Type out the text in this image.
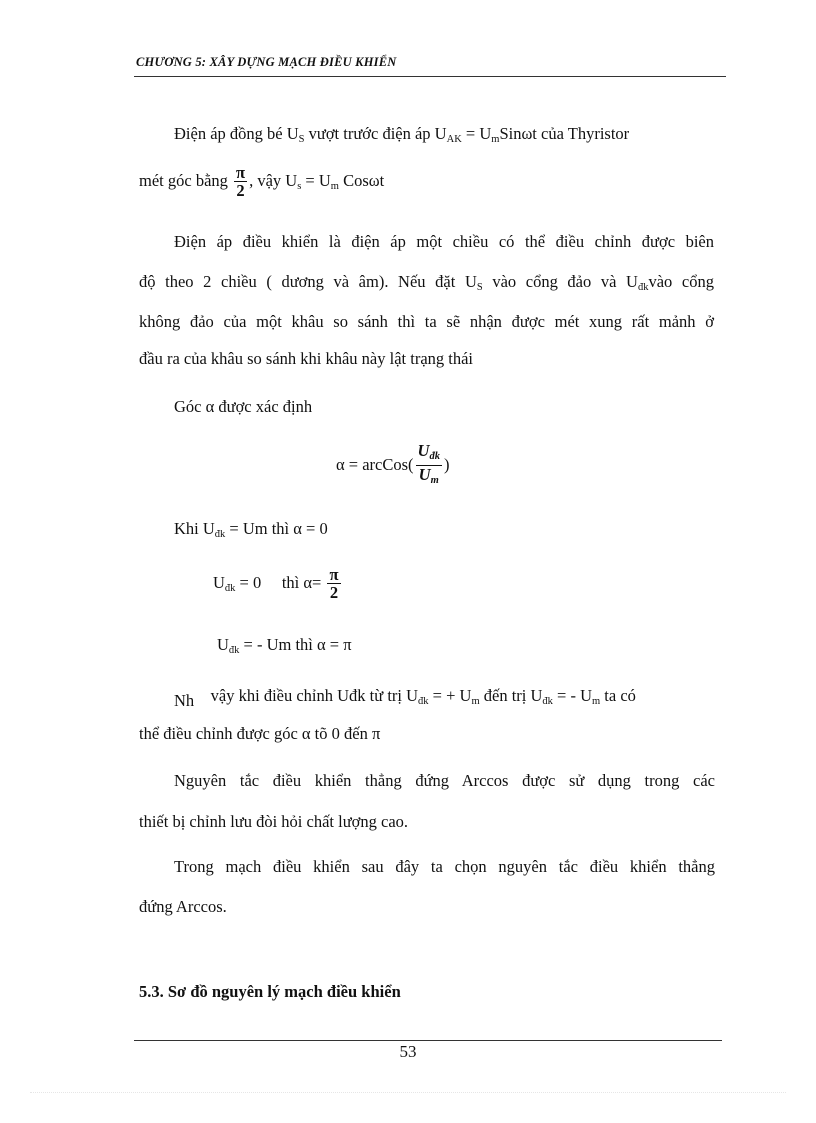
CHƯƠNG 5: XÂY DỰNG MẠCH ĐIỀU KHIỂN
Điện áp đồng bé $U_S$ vượt trước điện áp $U_{AK} = U_mSin\omega t$ của Thyristor
mét góc bằng $\frac{\pi}{2}$ , vậy $U_s = U_m$ Cosωt
Điện áp điều khiển là điện áp một chiều có thể điều chỉnh được biên
độ theo 2 chiều ( dương và âm). Nếu đặt $U_S$ vào cổng đảo và $U_{đk}vào$ cổng
không đảo của một khâu so sánh thì ta sẽ nhận được mét xung rất mảnh ở
đầu ra của khâu so sánh khi khâu này lật trạng thái
Góc α được xác định
α = arcCos( $\frac{U_{đk}}{U_m}$ )
Khi $U_{đk} = Um$ thì α = 0
$U_{đk} = 0$     thì $\alpha= \frac{\pi}{2}$
$U_{đk}$ = - Um thì α = π
Nh    vậy khi điều chỉnh Uđk từ trị $U_{đk}$ = + $U_m$ đến trị $U_{đk}$ = - $U_m$ ta có
thể điều chỉnh được góc α tõ 0 đến π
Nguyên tắc điều khiển thẳng đứng Arccos được sử dụng trong các
thiết bị chỉnh lưu đòi hỏi chất lượng cao.
Trong mạch điều khiển sau đây ta chọn nguyên tắc điều khiển thẳng
đứng Arccos.
5.3. Sơ đồ nguyên lý mạch điều khiển
53
